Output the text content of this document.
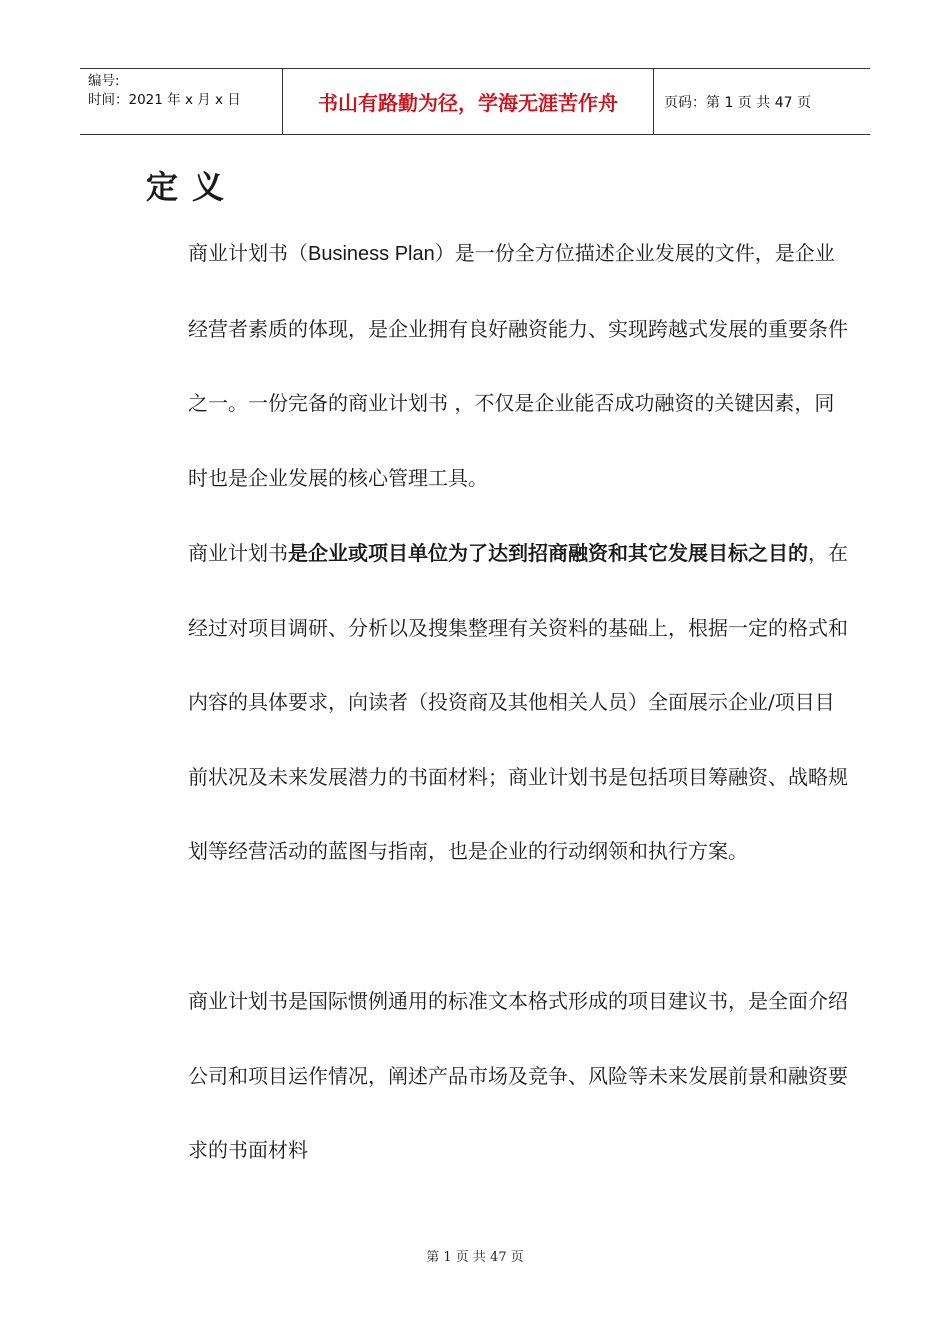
编号:
时间：2021 年 x 月 x 日	书山有路勤为径，学海无涯苦作舟	页码：第 1 页 共 47 页
定义

商业计划书（Business Plan）是一份全方位描述企业发展的文件，是企业经营者素质的体现，是企业拥有良好融资能力、实现跨越式发展的重要条件之一。一份完备的商业计划书 ，不仅是企业能否成功融资的关键因素，同时也是企业发展的核心管理工具。

商业计划书是企业或项目单位为了达到招商融资和其它发展目标之目的，在经过对项目调研、分析以及搜集整理有关资料的基础上，根据一定的格式和内容的具体要求，向读者（投资商及其他相关人员）全面展示企业/项目目前状况及未来发展潜力的书面材料；商业计划书是包括项目筹融资、战略规划等经营活动的蓝图与指南，也是企业的行动纲领和执行方案。

商业计划书是国际惯例通用的标准文本格式形成的项目建议书，是全面介绍公司和项目运作情况，阐述产品市场及竞争、风险等未来发展前景和融资要求的书面材料

第 1 页 共 47 页
